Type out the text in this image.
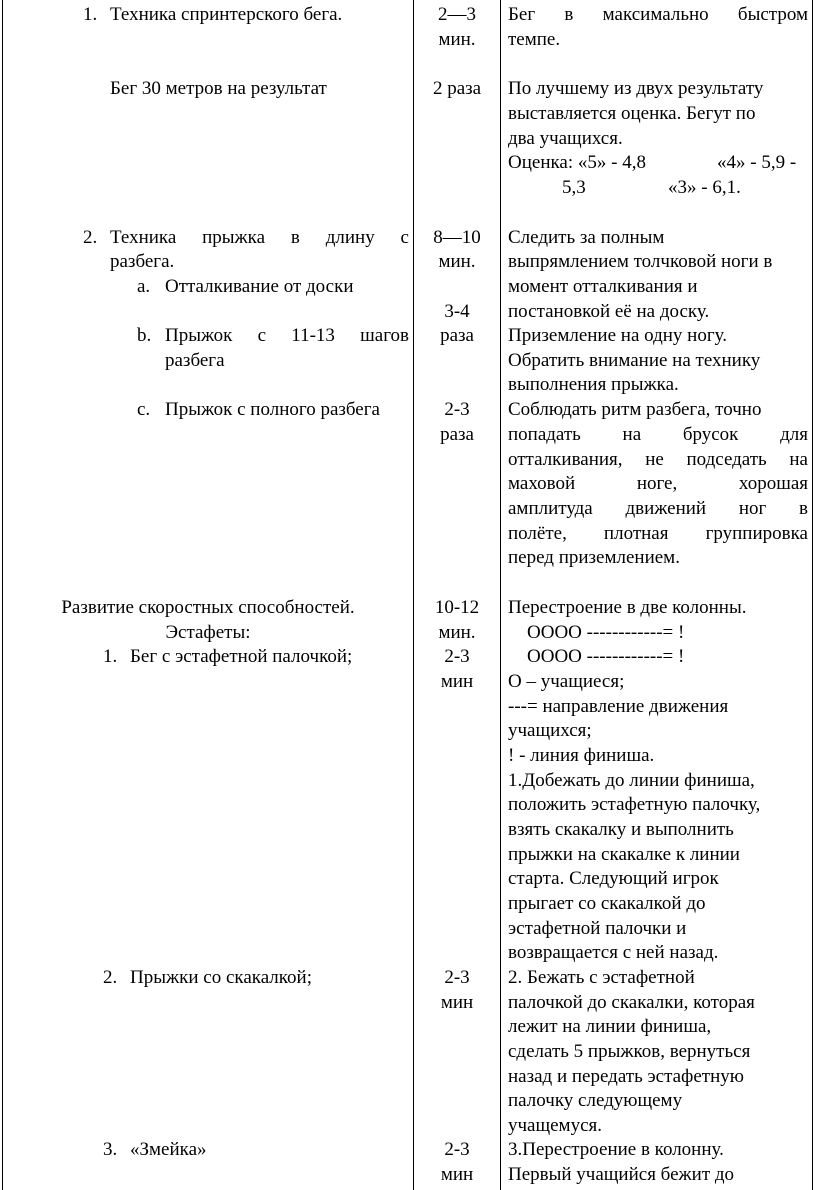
1. Техника спринтерского бега.
Бег 30 метров на результат
2. Техника прыжка в длину с
разбега.
a. Отталкивание от доски
b. Прыжок с 11-13 шагов
разбега
c. Прыжок с полного разбега
Развитие скоростных способностей.
Эстафеты:
1. Бег с эстафетной палочкой;
2. Прыжки со скакалкой;
3. «Змейка»
2—3
мин.
2 раза
8—10
мин.
3-4
раза
2-3
раза
10-12
мин.
2-3
мин
2-3
мин
2-3
мин
Бег в максимально быстром
темпе.
По лучшему из двух результату
выставляется оценка. Бегут по
два учащихся.
Оценка: «5» - 4,8	«4» - 5,9 -
5,3	«3» - 6,1.
Следить за полным
выпрямлением толчковой ноги в
момент отталкивания и
постановкой её на доску.
Приземление на одну ногу.
Обратить внимание на технику
выполнения прыжка.
Соблюдать ритм разбега, точно
попадать на брусок для
отталкивания, не подседать на
маховой ноге, хорошая
амплитуда движений ног в
полёте, плотная группировка
перед приземлением.
Перестроение в две колонны.
ОООО ------------= !
ОООО ------------= !
О – учащиеся;
---= направление движения
учащихся;
! - линия финиша.
1.Добежать до линии финиша,
положить эстафетную палочку,
взять скакалку и выполнить
прыжки на скакалке к линии
старта. Следующий игрок
прыгает со скакалкой до
эстафетной палочки и
возвращается с ней назад.
2. Бежать с эстафетной
палочкой до скакалки, которая
лежит на линии финиша,
сделать 5 прыжков, вернуться
назад и передать эстафетную
палочку следующему
учащемуся.
3.Перестроение в колонну.
Первый учащийся бежит до
